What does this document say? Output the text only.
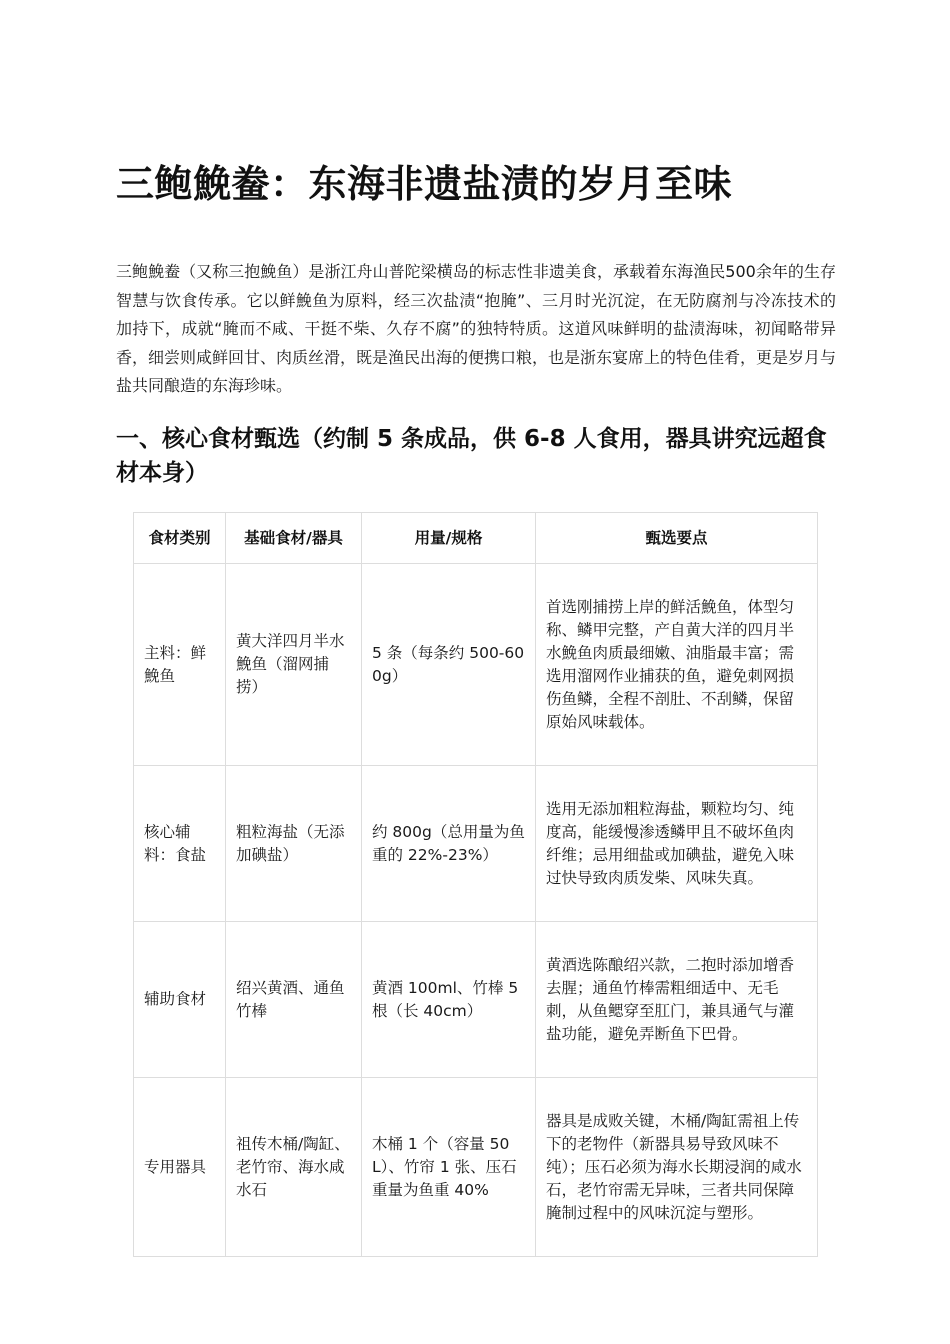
三鲍鮸鲞：东海非遗盐渍的岁月至味

三鲍鮸鲞（又称三抱鮸鱼）是浙江舟山普陀梁横岛的标志性非遗美食，承载着东海渔民500余年的生存智慧与饮食传承。它以鲜鮸鱼为原料，经三次盐渍“抱腌”、三月时光沉淀，在无防腐剂与冷冻技术的加持下，成就“腌而不咸、干挺不柴、久存不腐”的独特特质。这道风味鲜明的盐渍海味，初闻略带异香，细尝则咸鲜回甘、肉质丝滑，既是渔民出海的便携口粮，也是浙东宴席上的特色佳肴，更是岁月与盐共同酿造的东海珍味。

一、核心食材甄选（约制 5 条成品，供 6-8 人食用，器具讲究远超食材本身）
食材类别	基础食材/器具	用量/规格	甄选要点
主料：鲜鮸鱼	黄大洋四月半水鮸鱼（溜网捕捞）	5 条（每条约 500-600g）	首选刚捕捞上岸的鲜活鮸鱼，体型匀称、鳞甲完整，产自黄大洋的四月半水鮸鱼肉质最细嫩、油脂最丰富；需选用溜网作业捕获的鱼，避免刺网损伤鱼鳞，全程不剖肚、不刮鳞，保留原始风味载体。
核心辅料：食盐	粗粒海盐（无添加碘盐）	约 800g（总用量为鱼重的 22%-23%）	选用无添加粗粒海盐，颗粒均匀、纯度高，能缓慢渗透鳞甲且不破坏鱼肉纤维；忌用细盐或加碘盐，避免入味过快导致肉质发柴、风味失真。
辅助食材	绍兴黄酒、通鱼竹棒	黄酒 100ml、竹棒 5 根（长 40cm）	黄酒选陈酿绍兴款，二抱时添加增香去腥；通鱼竹棒需粗细适中、无毛刺，从鱼鳃穿至肛门，兼具通气与灌盐功能，避免弄断鱼下巴骨。
专用器具	祖传木桶/陶缸、老竹帘、海水咸水石	木桶 1 个（容量 50L）、竹帘 1 张、压石重量为鱼重 40%	器具是成败关键，木桶/陶缸需祖上传下的老物件（新器具易导致风味不纯）；压石必须为海水长期浸润的咸水石，老竹帘需无异味，三者共同保障腌制过程中的风味沉淀与塑形。
